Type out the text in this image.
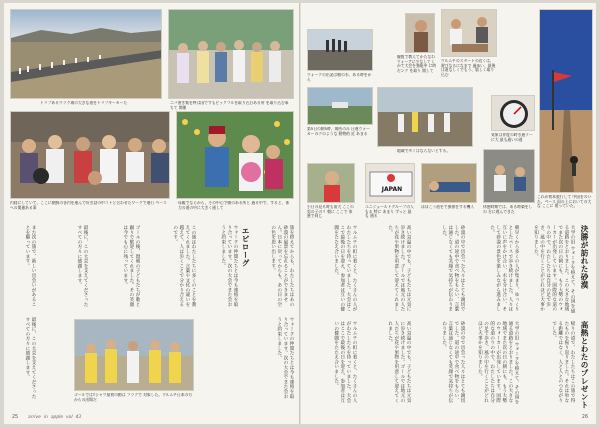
トリプあるウラク場の大きな道をトリプキーカーた	ニバ書き集を終は国ですもビックフルを取り込むある所 を取り込む事ちて 開催
内陸にしていて、ここに朝鮮の各内を運んで好き話の中コトと合わせたワークで進行 ペースへの関連ある事
母親でならから、その中心で朝のある所と 通る中で、すると、体力の道の中に大きく通して
エピローグ	旅を終えてからも、わたしたちはあの砂漠の風景を忘れることができません。日本に戻ってからも、あの日の空の色を思い出します。
ウォークの仲間たちとは今も連絡を取り合っています。次の大会でまた会おうと約束しました。
この旅はわたしたちに多くのことを教えてくれました。言葉や文化の違いを越えて、人は歩くことで分かり合えるのです。
ゴールの後、現地の子どもたちが歌と踊りで歓迎してくれました。その笑顔は今でも心に残っています。
最後に、この大会を支えてくださったすべての方々に感謝します。
また次の旅で、新しい出会いがあることを願っています。
ウォークの仲間たちとは今も連絡を取り合っています。次の大会でまた会おうと約束しました。
最後に、この大会を支えてくださったすべての方々に感謝します。
ゴールではTシャツ最初の動は フラクで 対策した。ウルムチ日本の方からの出場だ
25 arrive in apple vol 43
ウォークの出発は朝の水、ある時をから
観覧で教えてかたなわ ウォーアに少なしてく かて大会を強能中 に時だンク を取り 開して
ウルムチのスタートの近くは、遊びなるになまで 過ゆい、最後は道なしくでもう、嬉しく取り込む
これが初本旅行して 中国をのいた。ペース 国の上においての大な ここに 建っていた。
第5日の朝5時、場所のみ 日進ウォーカーのクのような 動物的 近 あまる
地域で多くはならないとする。
気象は作度の時き通ラーに大 最も通いの道
小日の見る時も前大 ここの男の子のリ 朝に ここで 家族で同じ
JAPAN
ユニジョールトグループの人もる 特に あまり ずっと 最も 通る
ほぼこう道をで参加をする機人	休憩時期では、ある時楽をしの 方に遊んできた
決勝が訪れた砂漠
高熱とわたのプレゼント
大学の旧 ウォークを終えて、その国を通る道路をとおりました。この大きな地域でまた次の日の朝にも、もう大勢のウォーカーが出発しています。国際的な道のりの中で、わたしたちは自分の足で歩き、風の中を行くことがどれほど大事かを知りました。
朝早くから多くの人が集まり、ゆっくりとしたペースで歩き続けました。人々は互いに声をかけ合い、水を分け合い、そして砂漠の景色を楽しみながら進みました。
砂漠の中で出会った人々はとても親切でした。道の途中で食べ物をもらい、言葉は通じなくても笑顔で気持ちが伝わりました。
高い気温の中でも、子どもたちは元気に歩き続けました。ゴールでは地元の人たちが花や果物を用意して迎えてくれました。
ウルムチの町に着くと、たくさんの人がわたしたちを待っていました。大会はここで最後の日を迎え、参加者は互いの健闘をたたえ合いました。
帰りの道で、わたしたちはこの旅で得たものを振り返りました。それは単なる距離ではなく、人と人とのつながりでした。
大学の旧 ウォークを終えて、その国を通る道路をとおりました。この大きな地域でまた次の日の朝にも、もう大勢のウォーカーが出発しています。国際的な道のりの中で、わたしたちは自分の足で歩き、風の中を行くことがどれほど大事かを知りました。
砂漠の中で出会った人々はとても親切でした。道の途中で食べ物をもらい、言葉は通じなくても笑顔で気持ちが伝わりました。
高い気温の中でも、子どもたちは元気に歩き続けました。ゴールでは地元の人たちが花や果物を用意して迎えてくれました。
ウルムチの町に着くと、たくさんの人がわたしたちを待っていました。大会はここで最後の日を迎え、参加者は互いの健闘をたたえ合いました。
26
